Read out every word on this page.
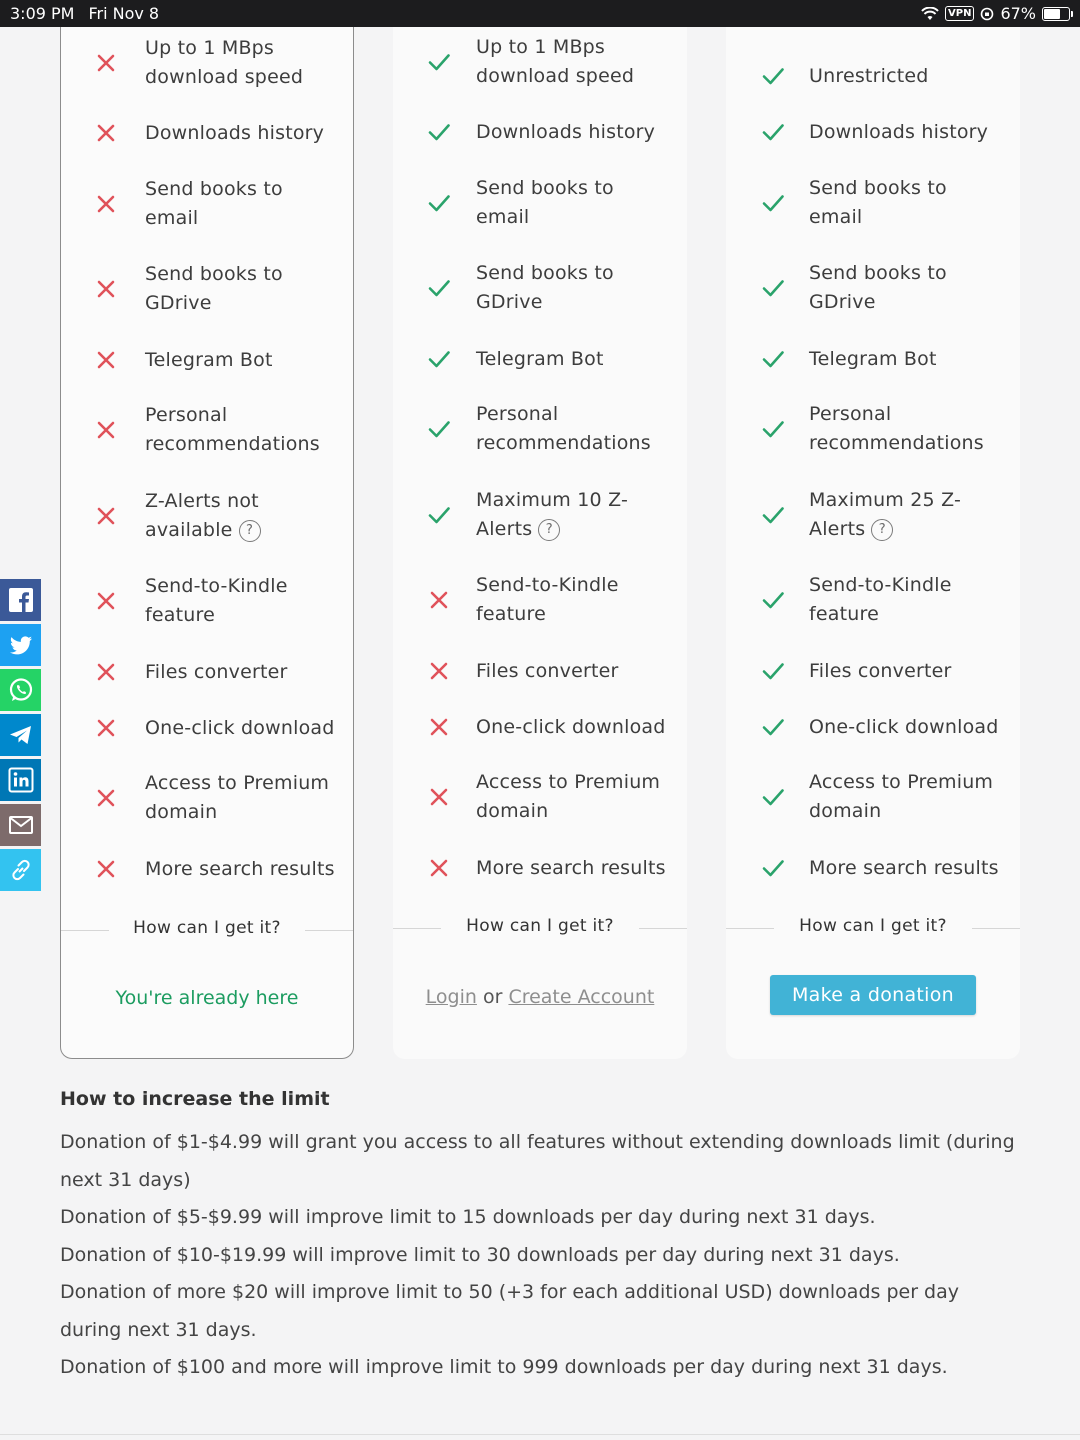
3:09 PM Fri Nov 8	VPN 67%
Up to 1 MBps
download speed
Downloads history
Send books to
email
Send books to
GDrive
Telegram Bot
Personal
recommendations
Z-Alerts not
available ?
Send-to-Kindle
feature
Files converter
One-click download
Access to Premium
domain
More search results
How can I get it?
You're already here
Up to 1 MBps
download speed
Downloads history
Send books to
email
Send books to
GDrive
Telegram Bot
Personal
recommendations
Maximum 10 Z-
Alerts ?
Send-to-Kindle
feature
Files converter
One-click download
Access to Premium
domain
More search results
How can I get it?
Login or Create Account
Unrestricted
Downloads history
Send books to
email
Send books to
GDrive
Telegram Bot
Personal
recommendations
Maximum 25 Z-
Alerts ?
Send-to-Kindle
feature
Files converter
One-click download
Access to Premium
domain
More search results
How can I get it?
Make a donation
How to increase the limit

Donation of $1-$4.99 will grant you access to all features without extending downloads limit (during next 31 days)

Donation of $5-$9.99 will improve limit to 15 downloads per day during next 31 days.

Donation of $10-$19.99 will improve limit to 30 downloads per day during next 31 days.

Donation of more $20 will improve limit to 50 (+3 for each additional USD) downloads per day during next 31 days.

Donation of $100 and more will improve limit to 999 downloads per day during next 31 days.
